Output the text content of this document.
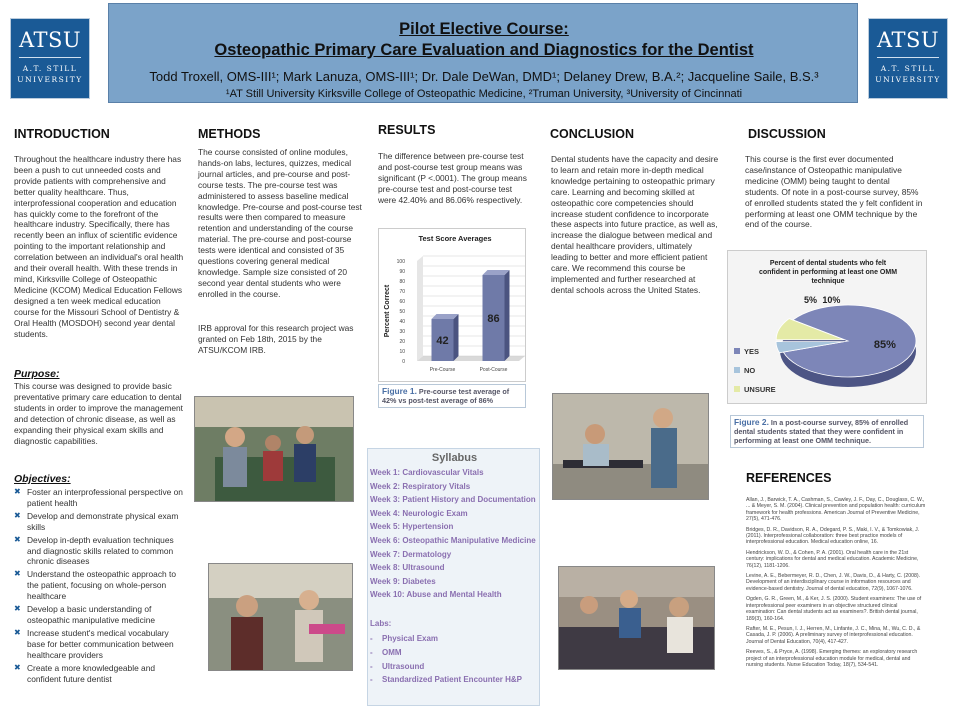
ATSU
A.T. STILL
UNIVERSITY
Pilot Elective Course:
Osteopathic Primary Care Evaluation and Diagnostics for the Dentist
Todd Troxell, OMS-III¹; Mark Lanuza, OMS-III¹; Dr. Dale DeWan, DMD¹; Delaney Drew, B.A.²; Jacqueline Saile, B.S.³
¹AT Still University Kirksville College of Osteopathic Medicine, ²Truman University, ³University of Cincinnati
ATSU
A.T. STILL
UNIVERSITY
INTRODUCTION
Throughout the healthcare industry there has been a push to cut unneeded costs and provide patients with comprehensive and better quality healthcare. Thus, interprofessional cooperation and education has quickly come to the forefront of the healthcare industry. Specifically, there has recently been an influx of scientific evidence pointing to the important relationship and correlation between an individual's oral health and their overall health. With these trends in mind, Kirksville College of Osteopathic Medicine (KCOM) Medical Education Fellows designed a ten week medical education course for the Missouri School of Dentistry & Oral Health (MOSDOH) second year dental students.
Purpose:
This course was designed to provide basic preventative primary care education to dental students in order to improve the management and detection of chronic disease, as well as expanding their physical exam skills and diagnostic capabilities.
Objectives:
✖ Foster an interprofessional perspective on patient health
✖ Develop and demonstrate physical exam skills
✖ Develop in-depth evaluation techniques and diagnostic skills related to common chronic diseases
✖ Understand the osteopathic approach to the patient, focusing on whole-person healthcare
✖ Develop a basic understanding of osteopathic manipulative medicine
✖ Increase student's medical vocabulary base for better communication between healthcare providers
✖ Create a more knowledgeable and confident future dentist
METHODS
The course consisted of online modules, hands-on labs, lectures, quizzes, medical journal articles, and pre-course and post-course tests. The pre-course test was administered to assess baseline medical knowledge. Pre-course and post-course test results were then compared to measure retention and understanding of the course material. The pre-course and post-course tests were identical and consisted of 35 questions covering general medical knowledge. Sample size consisted of 20 second year dental students who were enrolled in the course.
IRB approval for this research project was granted on Feb 18th, 2015 by the ATSU/KCOM IRB.
RESULTS
The difference between pre-course test and post-course test group means was significant (P <.0001). The group means pre-course test and post-course test were 42.40% and 86.06% respectively.
Test Score Averages
0
10
20
30
40
50
60
70
80
90
100
Percent Correct
42
Pre-Course
86
Post-Course
Figure 1. Pre-course test average of 42% vs post-test average of 86%
Syllabus
Week 1: Cardiovascular Vitals
Week 2: Respiratory Vitals
Week 3: Patient History and Documentation
Week 4: Neurologic Exam
Week 5: Hypertension
Week 6: Osteopathic Manipulative Medicine
Week 7: Dermatology
Week 8: Ultrasound
Week 9: Diabetes
Week 10: Abuse and Mental Health
Labs:
- Physical Exam
- OMM
- Ultrasound
- Standardized Patient Encounter H&P
CONCLUSION
Dental students have the capacity and desire to learn and retain more in-depth medical knowledge pertaining to osteopathic primary care. Learning and becoming skilled at osteopathic core competencies should increase student confidence to incorporate these aspects into future practice, as well as, increase the dialogue between medical and dental healthcare providers, ultimately leading to better and more efficient patient care. We recommend this course be implemented and further researched at dental schools across the United States.
DISCUSSION
This course is the first ever documented case/instance of Osteopathic manipulative medicine (OMM) being taught to dental students. Of note in a post-course survey, 85% of enrolled students stated the y felt confident in performing at least one OMM technique by the end of the course.
Percent of dental students who felt confident in performing at least one OMM technique
85%
5% 10%
YES
NO
UNSURE
Figure 2. In a post-course survey, 85% of enrolled dental students stated that they were confident in performing at least one OMM technique.
REFERENCES
Allan, J., Barwick, T. A., Cashman, S., Cawley, J. F., Day, C., Douglass, C. W., ... & Meyer, S. M. (2004). Clinical prevention and population health: curriculum framework for health professions. American Journal of Preventive Medicine, 27(5), 471-476.
Bridges, D. R., Davidson, R. A., Odegard, P. S., Maki, I. V., & Tomkowiak, J. (2011). Interprofessional collaboration: three best practice models of interprofessional education. Medical education online, 16.
Hendrickson, W. D., & Cohen, P. A. (2001). Oral health care in the 21st century: implications for dental and medical education. Academic Medicine, 76(12), 1181-1206.
Levine, A. E., Bebermeyer, R. D., Chen, J. W., Davis, D., & Harty, C. (2008). Development of an interdisciplinary course in information resources and evidence-based dentistry. Journal of dental education, 72(9), 1067-1076.
Ogden, G. R., Green, M., & Ker, J. S. (2000). Student examiners: The use of interprofessional peer examiners in an objective structured clinical examination: Can dental students act as examiners?. British dental journal, 189(3), 160-164.
Rafter, M. E., Pesun, I. J., Herren, M., Linfante, J. C., Mina, M., Wu, C. D., & Casada, J. P. (2006). A preliminary survey of interprofessional education. Journal of Dental Education, 70(4), 417-427.
Reeves, S., & Pryce, A. (1998). Emerging themes: an exploratory research project of an interprofessional education module for medical, dental and nursing students. Nurse Education Today, 18(7), 534-541.
